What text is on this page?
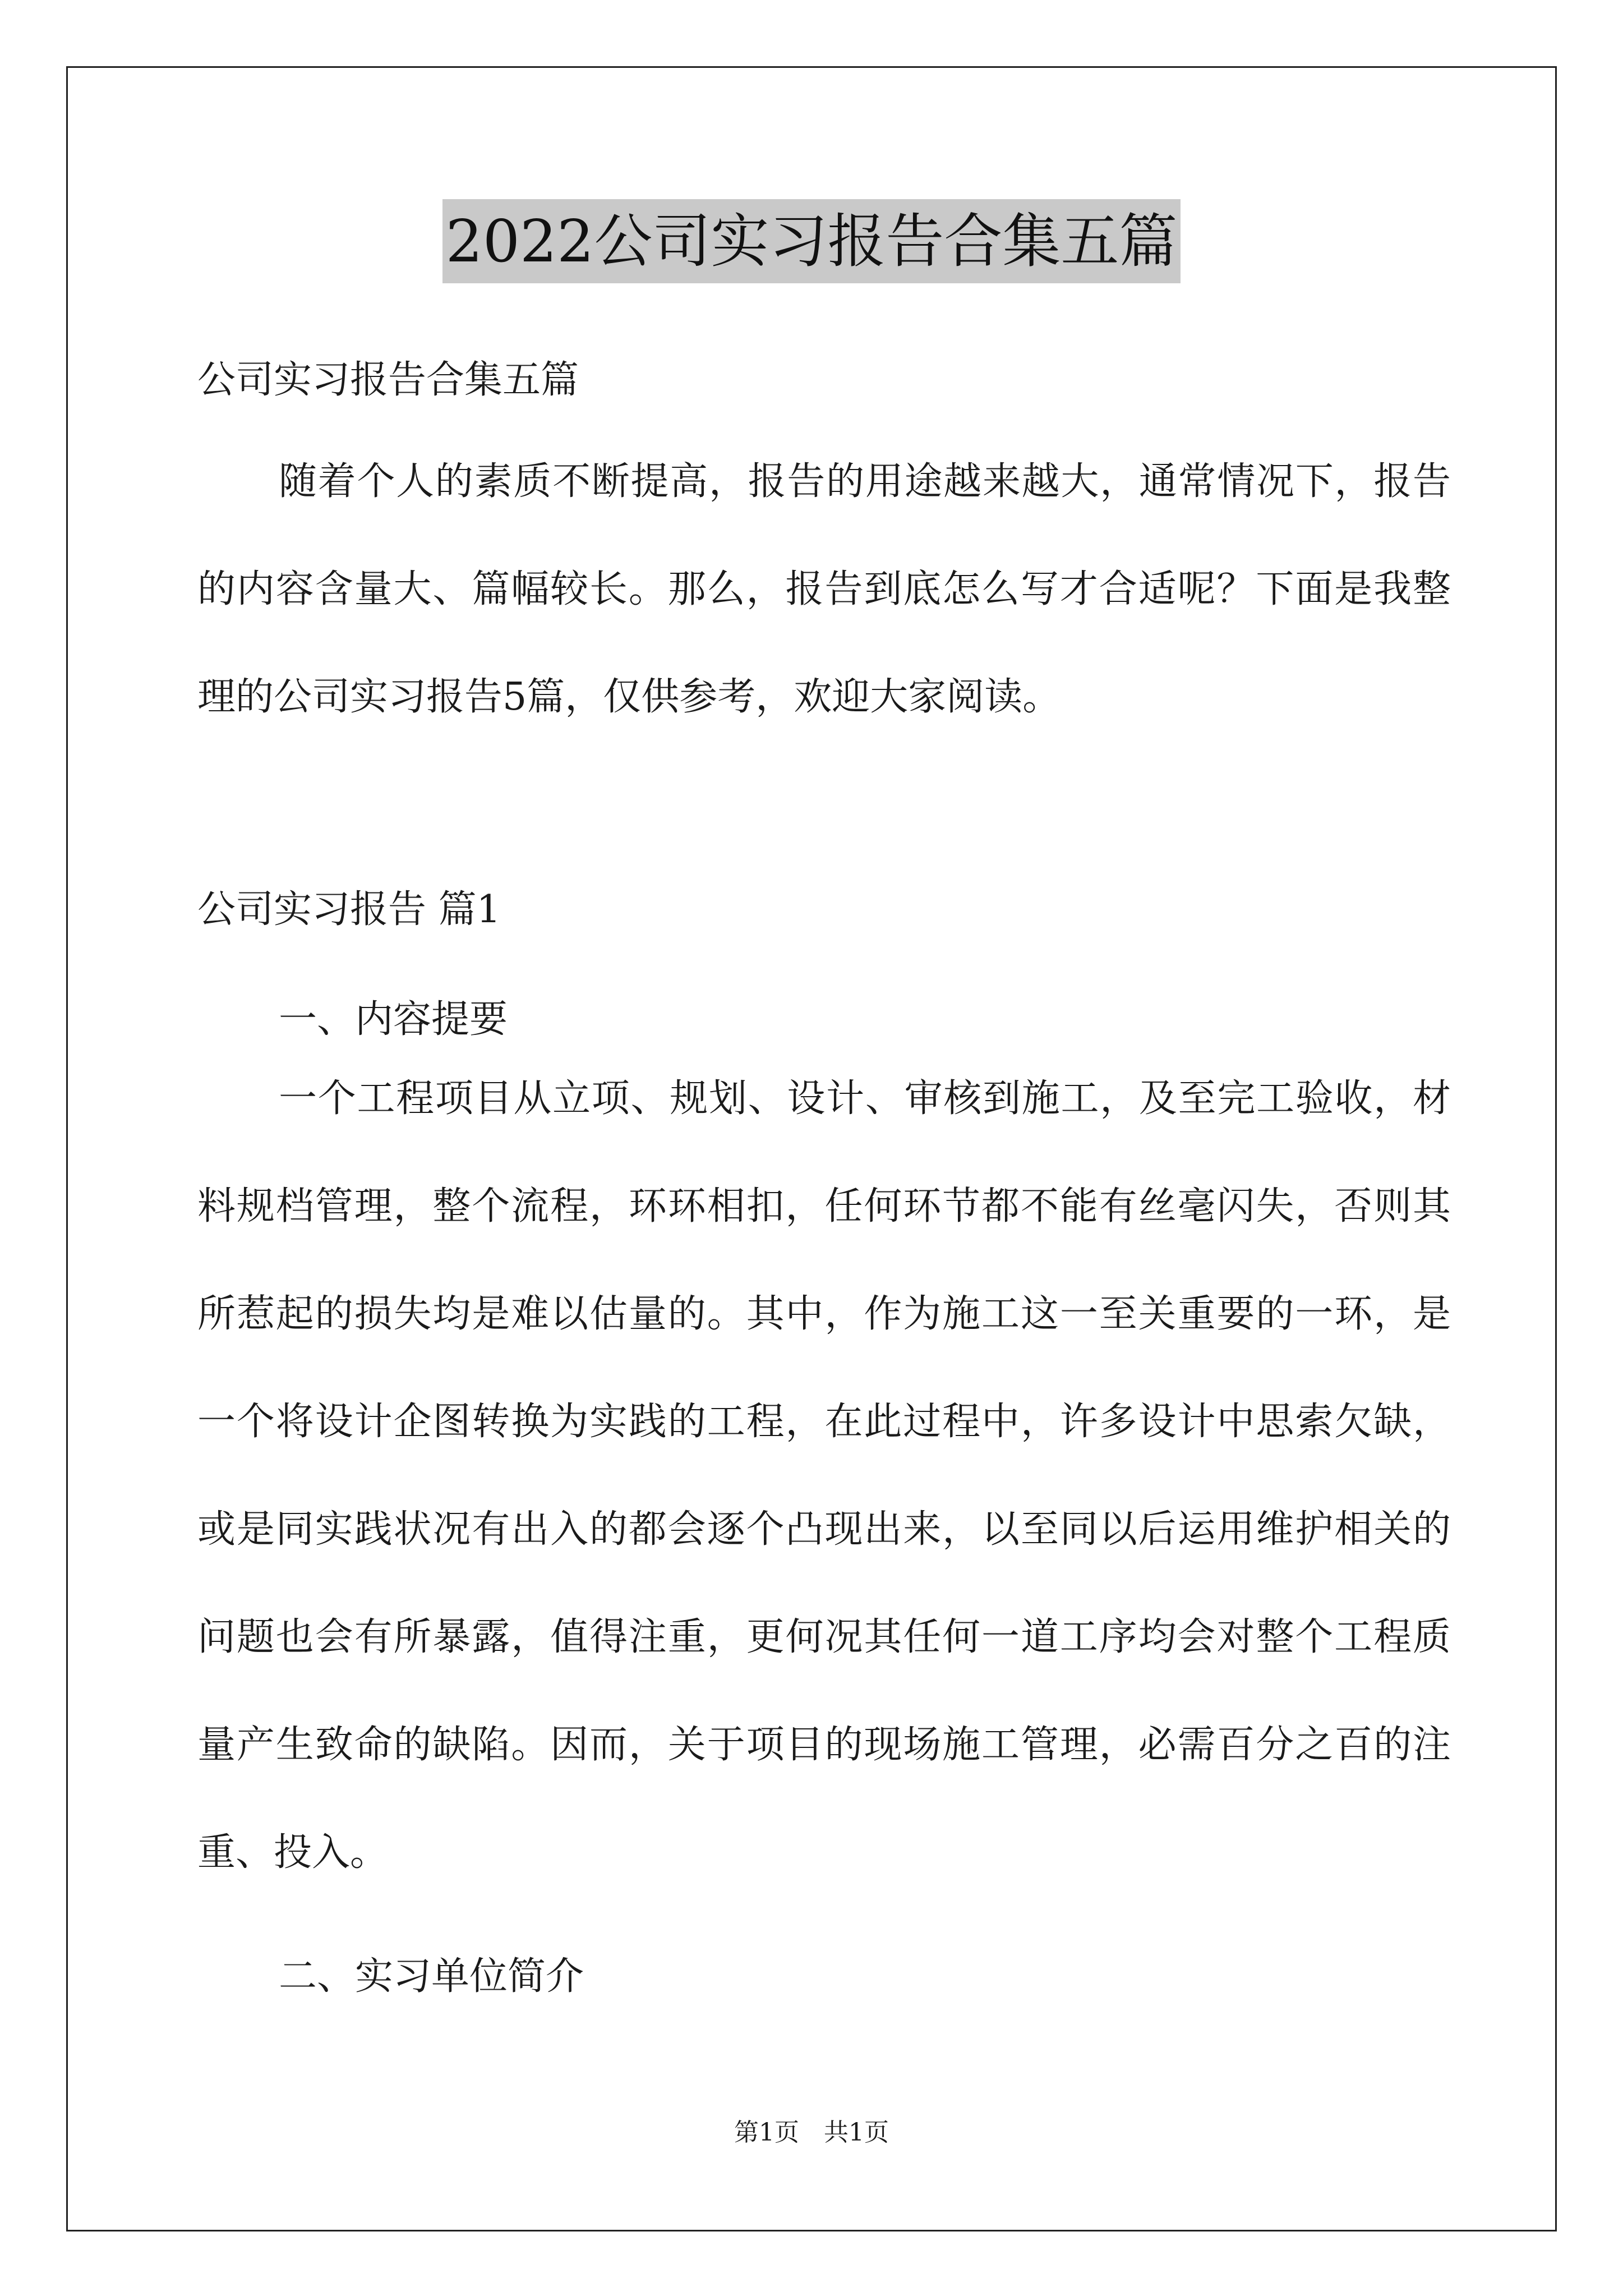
2022公司实习报告合集五篇
公司实习报告合集五篇
随着个人的素质不断提高，报告的用途越来越大，通常情况下，报告的内容含量大、篇幅较长。那么，报告到底怎么写才合适呢？下面是我整理的公司实习报告5篇，仅供参考，欢迎大家阅读。
公司实习报告 篇1
一、内容提要
一个工程项目从立项、规划、设计、审核到施工，及至完工验收，材料规档管理，整个流程，环环相扣，任何环节都不能有丝毫闪失，否则其所惹起的损失均是难以估量的。其中，作为施工这一至关重要的一环，是一个将设计企图转换为实践的工程，在此过程中，许多设计中思索欠缺，或是同实践状况有出入的都会逐个凸现出来，以至同以后运用维护相关的问题也会有所暴露，值得注重，更何况其任何一道工序均会对整个工程质量产生致命的缺陷。因而，关于项目的现场施工管理，必需百分之百的注重、投入。
二、实习单位简介
第1页　共1页
